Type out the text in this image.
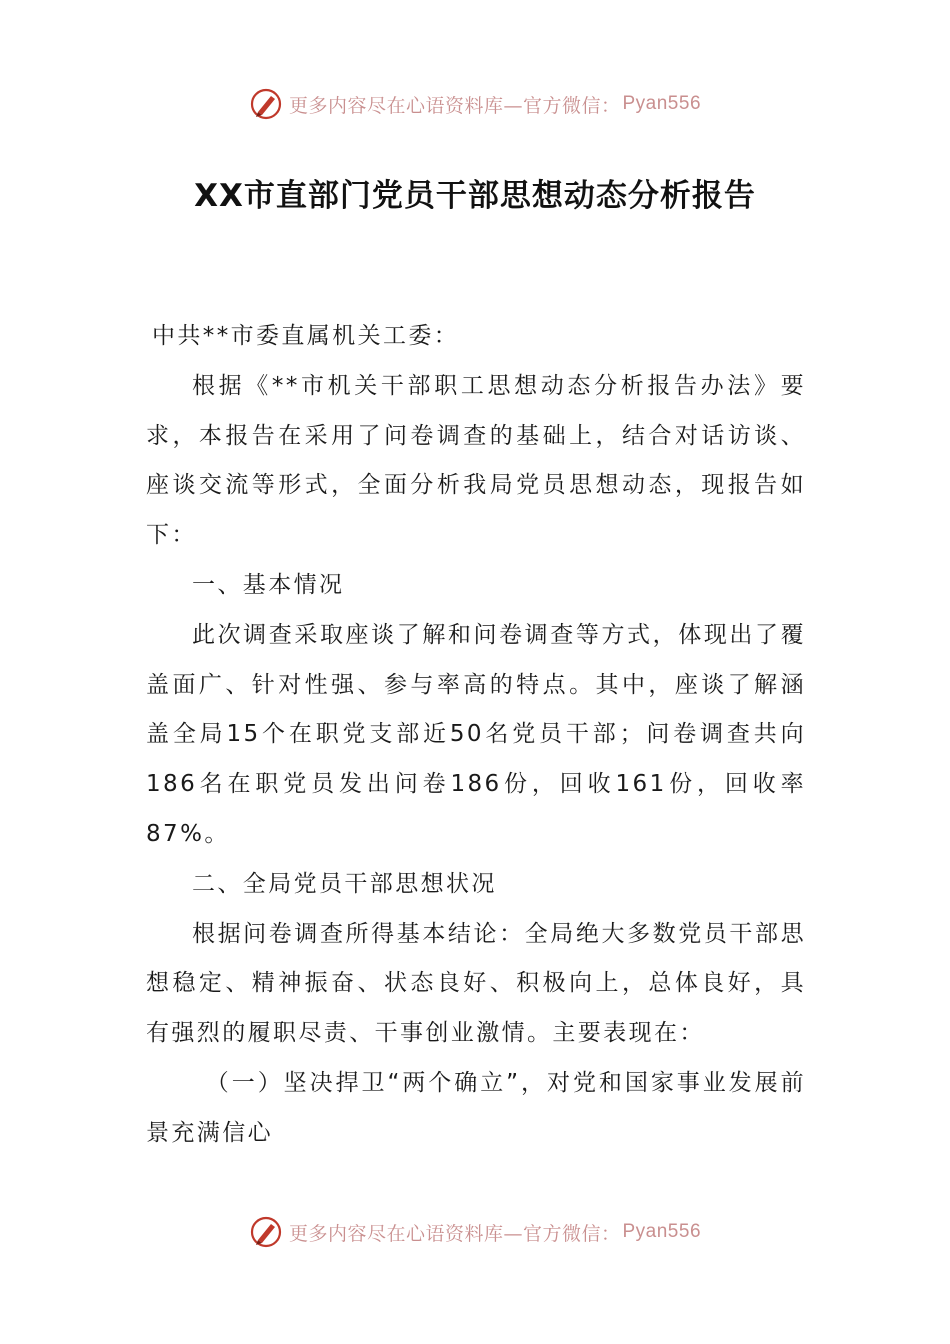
更多内容尽在心语资料库—官方微信： Pyan556
XX市直部门党员干部思想动态分析报告

中共**市委直属机关工委：

根据《**市机关干部职工思想动态分析报告办法》要求，本报告在采用了问卷调查的基础上，结合对话访谈、座谈交流等形式，全面分析我局党员思想动态，现报告如下：

一、基本情况

此次调查采取座谈了解和问卷调查等方式，体现出了覆盖面广、针对性强、参与率高的特点。其中，座谈了解涵盖全局15个在职党支部近50名党员干部；问卷调查共向186名在职党员发出问卷186份，回收161份，回收率87%。

二、全局党员干部思想状况

根据问卷调查所得基本结论：全局绝大多数党员干部思想稳定、精神振奋、状态良好、积极向上，总体良好，具有强烈的履职尽责、干事创业激情。主要表现在：

（一）坚决捍卫“两个确立”，对党和国家事业发展前景充满信心

更多内容尽在心语资料库—官方微信： Pyan556
